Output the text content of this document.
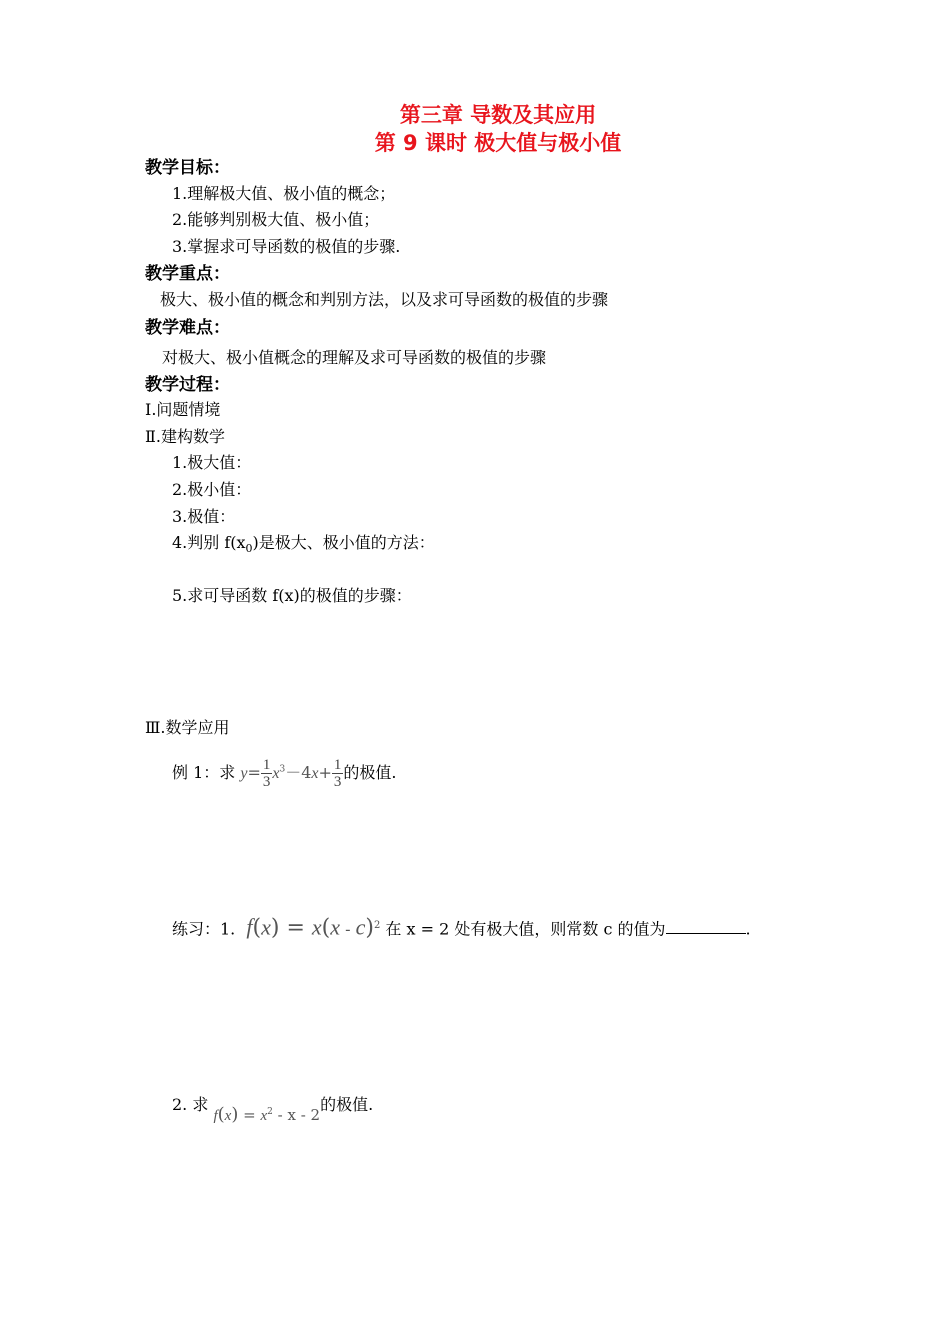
第三章 导数及其应用
第 9 课时 极大值与极小值
教学目标：
1.理解极大值、极小值的概念；
2.能够判别极大值、极小值；
3.掌握求可导函数的极值的步骤.
教学重点：
极大、极小值的概念和判别方法，以及求可导函数的极值的步骤
教学难点：
对极大、极小值概念的理解及求可导函数的极值的步骤
教学过程：
Ⅰ.问题情境
Ⅱ.建构数学
1.极大值：
2.极小值：
3.极值：
4.判别 $f(x_0)$是极大、极小值的方法：
5.求可导函数 f(x)的极值的步骤：
Ⅲ.数学应用
例 1：求 $y= \frac{1}{3} x^3-4x+ \frac{1}{3}$ 的极值.
练习：1. f(x) = x(x - c)$^2$ 在 x = 2 处有极大值，则常数 c 的值为	.
2. 求 $f(x) = x^2 - x - 2$的极值.
